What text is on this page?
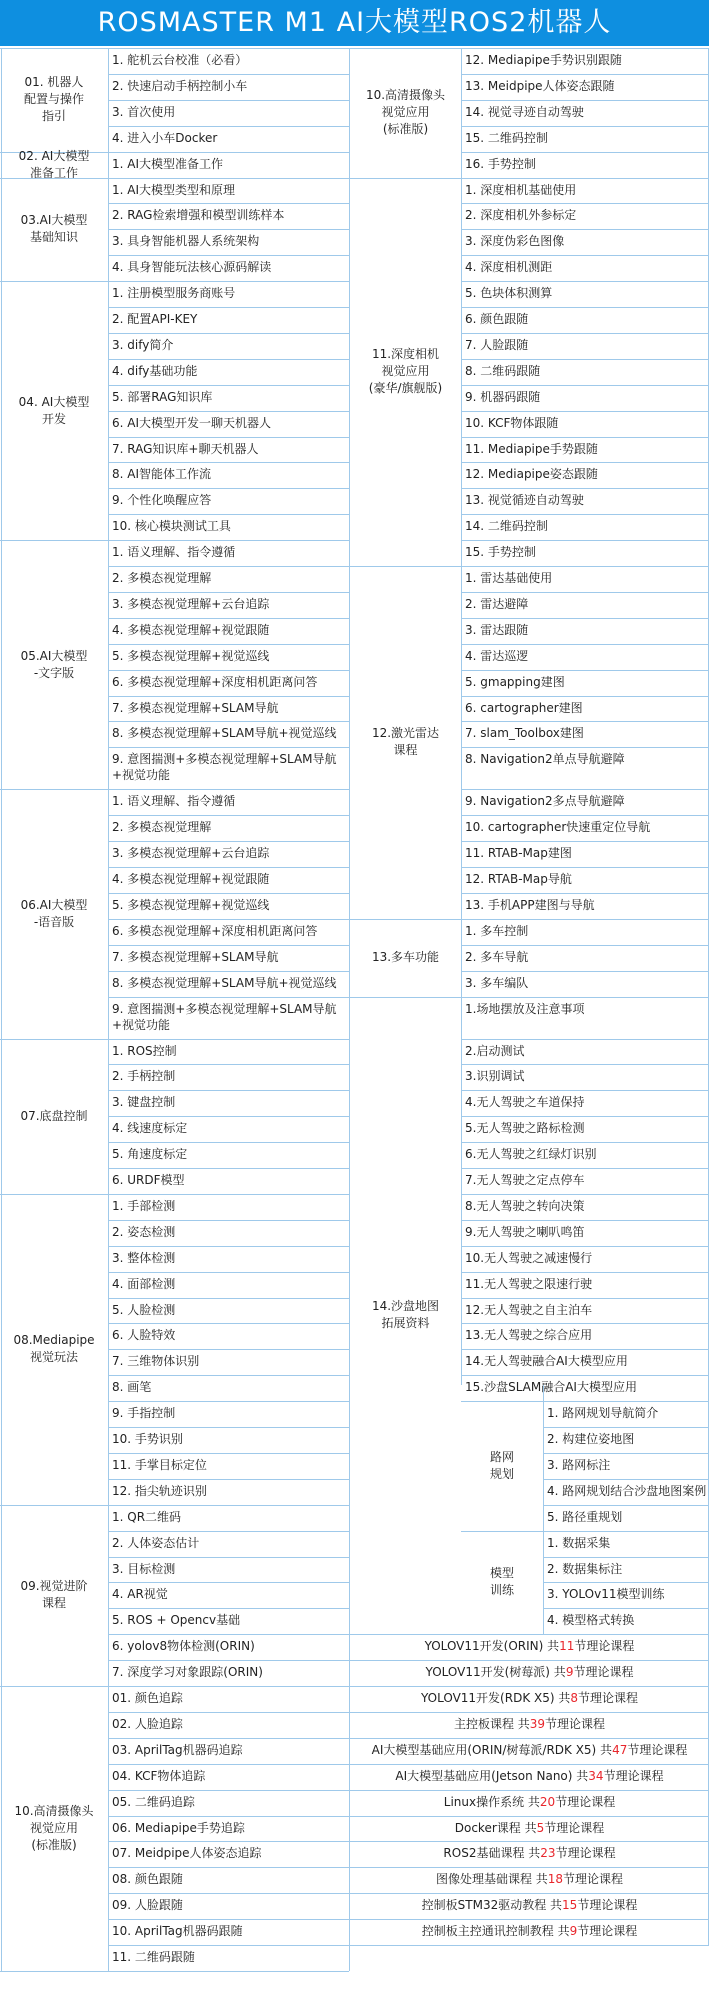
ROSMASTER M1 AI大模型ROS2机器人
1. 舵机云台校准（必看）
2. 快速启动手柄控制小车
3. 首次使用
4. 进入小车Docker
01. 机器人
配置与操作
指引
1. AI大模型准备工作
02. AI大模型
准备工作
1. AI大模型类型和原理
2. RAG检索增强和模型训练样本
3. 具身智能机器人系统架构
4. 具身智能玩法核心源码解读
03.AI大模型
基础知识
1. 注册模型服务商账号
2. 配置API-KEY
3. dify简介
4. dify基础功能
5. 部署RAG知识库
6. AI大模型开发一聊天机器人
7. RAG知识库+聊天机器人
8. AI智能体工作流
9. 个性化唤醒应答
10. 核心模块测试工具
04. AI大模型
开发
1. 语义理解、指令遵循
2. 多模态视觉理解
3. 多模态视觉理解+云台追踪
4. 多模态视觉理解+视觉跟随
5. 多模态视觉理解+视觉巡线
6. 多模态视觉理解+深度相机距离问答
7. 多模态视觉理解+SLAM导航
8. 多模态视觉理解+SLAM导航+视觉巡线
9. 意图揣测+多模态视觉理解+SLAM导航+视觉功能
05.AI大模型
-文字版
1. 语义理解、指令遵循
2. 多模态视觉理解
3. 多模态视觉理解+云台追踪
4. 多模态视觉理解+视觉跟随
5. 多模态视觉理解+视觉巡线
6. 多模态视觉理解+深度相机距离问答
7. 多模态视觉理解+SLAM导航
8. 多模态视觉理解+SLAM导航+视觉巡线
9. 意图揣测+多模态视觉理解+SLAM导航+视觉功能
06.AI大模型
-语音版
1. ROS控制
2. 手柄控制
3. 键盘控制
4. 线速度标定
5. 角速度标定
6. URDF模型
07.底盘控制
1. 手部检测
2. 姿态检测
3. 整体检测
4. 面部检测
5. 人脸检测
6. 人脸特效
7. 三维物体识别
8. 画笔
9. 手指控制
10. 手势识别
11. 手掌目标定位
12. 指尖轨迹识别
08.Mediapipe
视觉玩法
1. QR二维码
2. 人体姿态估计
3. 目标检测
4. AR视觉
5. ROS + Opencv基础
6. yolov8物体检测(ORIN)
7. 深度学习对象跟踪(ORIN)
09.视觉进阶
课程
01. 颜色追踪
02. 人脸追踪
03. AprilTag机器码追踪
04. KCF物体追踪
05. 二维码追踪
06. Mediapipe手势追踪
07. Meidpipe人体姿态追踪
08. 颜色跟随
09. 人脸跟随
10. AprilTag机器码跟随
11. 二维码跟随
10.高清摄像头
视觉应用
(标准版)
12. Mediapipe手势识别跟随
13. Meidpipe人体姿态跟随
14. 视觉寻迹自动驾驶
15. 二维码控制
16. 手势控制
10.高清摄像头
视觉应用
(标准版)
1. 深度相机基础使用
2. 深度相机外参标定
3. 深度伪彩色图像
4. 深度相机测距
5. 色块体积测算
6. 颜色跟随
7. 人脸跟随
8. 二维码跟随
9. 机器码跟随
10. KCF物体跟随
11. Mediapipe手势跟随
12. Mediapipe姿态跟随
13. 视觉循迹自动驾驶
14. 二维码控制
15. 手势控制
11.深度相机
视觉应用
(豪华/旗舰版)
1. 雷达基础使用
2. 雷达避障
3. 雷达跟随
4. 雷达巡逻
5. gmapping建图
6. cartographer建图
7. slam_Toolbox建图
8. Navigation2单点导航避障
9. Navigation2多点导航避障
10. cartographer快速重定位导航
11. RTAB-Map建图
12. RTAB-Map导航
13. 手机APP建图与导航
12.激光雷达
课程
1. 多车控制
2. 多车导航
3. 多车编队
13.多车功能
1.场地摆放及注意事项
2.启动测试
3.识别调试
4.无人驾驶之车道保持
5.无人驾驶之路标检测
6.无人驾驶之红绿灯识别
7.无人驾驶之定点停车
8.无人驾驶之转向决策
9.无人驾驶之喇叭鸣笛
10.无人驾驶之减速慢行
11.无人驾驶之限速行驶
12.无人驾驶之自主泊车
13.无人驾驶之综合应用
14.无人驾驶融合AI大模型应用
15.沙盘SLAM融合AI大模型应用
1. 路网规划导航简介
2. 构建位姿地图
3. 路网标注
4. 路网规划结合沙盘地图案例
5. 路径重规划
路网
规划
1. 数据采集
2. 数据集标注
3. YOLOv11模型训练
4. 模型格式转换
模型
训练
14.沙盘地图
拓展资料
YOLOV11开发(ORIN) 共11节理论课程
YOLOV11开发(树莓派) 共9节理论课程
YOLOV11开发(RDK X5) 共8节理论课程
主控板课程 共39节理论课程
AI大模型基础应用(ORIN/树莓派/RDK X5) 共47节理论课程
AI大模型基础应用(Jetson Nano) 共34节理论课程
Linux操作系统 共20节理论课程
Docker课程 共5节理论课程
ROS2基础课程 共23节理论课程
图像处理基础课程 共18节理论课程
控制板STM32驱动教程 共15节理论课程
控制板主控通讯控制教程 共9节理论课程
